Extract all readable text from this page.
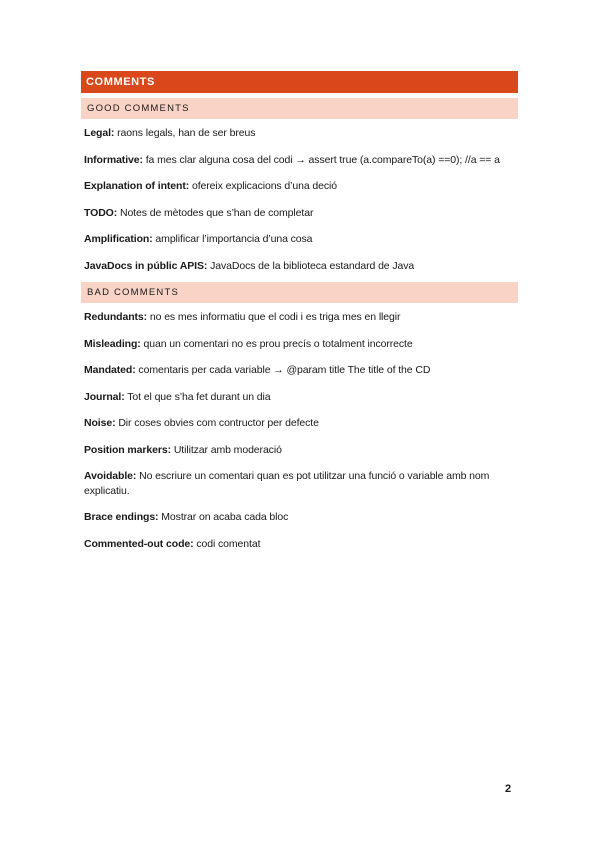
COMMENTS
GOOD COMMENTS
Legal: raons legals, han de ser breus
Informative: fa mes clar alguna cosa del codi → assert true (a.compareTo(a) ==0); //a == a
Explanation of intent: ofereix explicacions d’una deció
TODO: Notes de mètodes que s’han de completar
Amplification: amplificar l’importancia d’una cosa
JavaDocs in públic APIS: JavaDocs de la biblioteca estandard de Java
BAD COMMENTS
Redundants: no es mes informatiu que el codi i es triga mes en llegir
Misleading: quan un comentari no es prou precís o totalment incorrecte
Mandated: comentaris per cada variable → @param title The title of the CD
Journal: Tot el que s’ha fet durant un dia
Noise: Dir coses obvies com contructor per defecte
Position markers: Utilitzar amb moderació
Avoidable: No escriure un comentari quan es pot utilitzar una funció o variable amb nom explicatiu.
Brace endings: Mostrar on acaba cada bloc
Commented-out code: codi comentat
2
